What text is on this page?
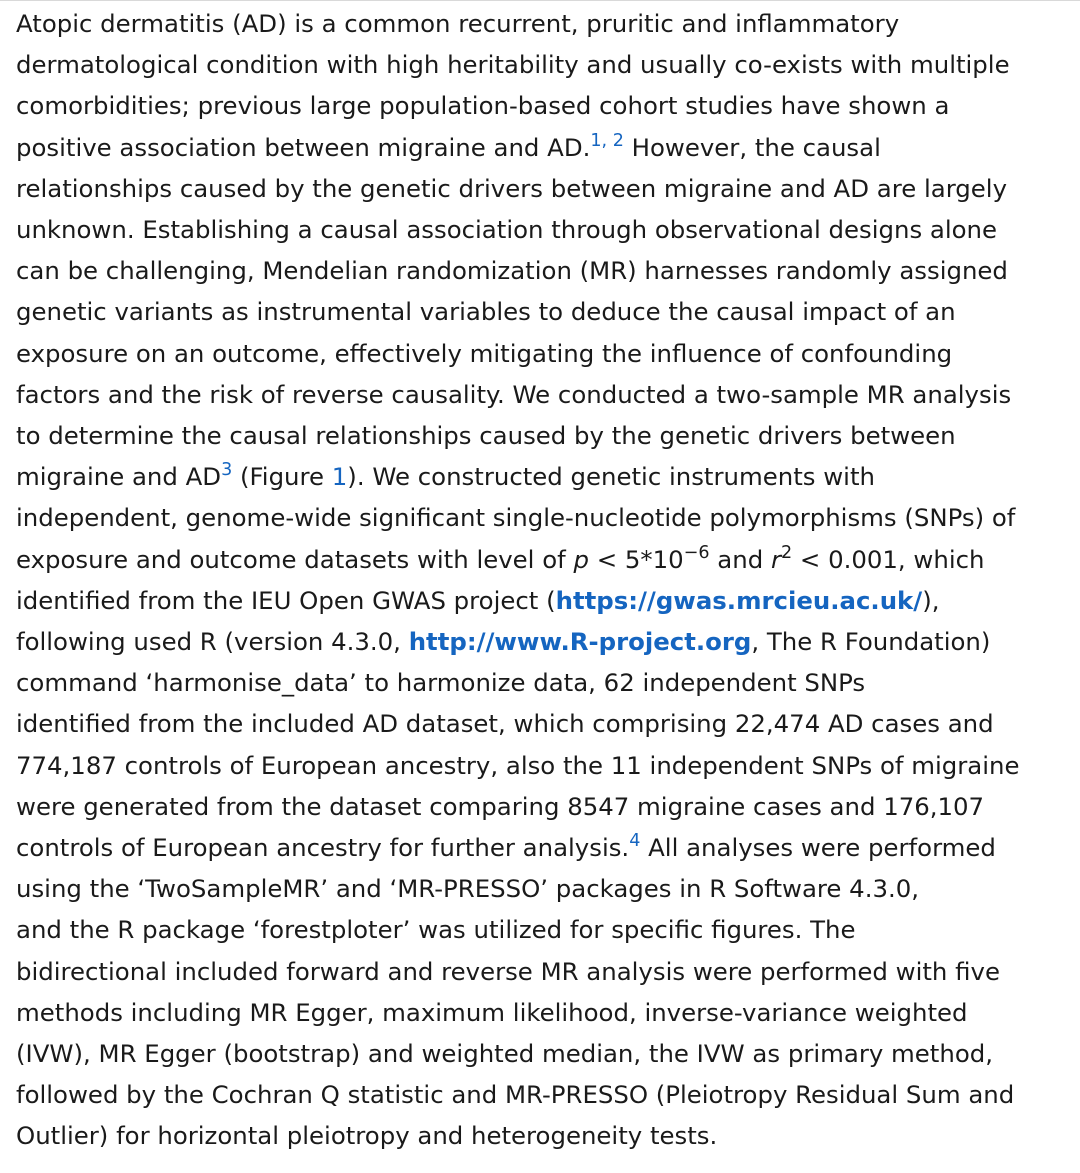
Atopic dermatitis (AD) is a common recurrent, pruritic and inflammatory
dermatological condition with high heritability and usually co-exists with multiple
comorbidities; previous large population-based cohort studies have shown a
positive association between migraine and AD.$^{1, 2}$ However, the causal
relationships caused by the genetic drivers between migraine and AD are largely
unknown. Establishing a causal association through observational designs alone
can be challenging, Mendelian randomization (MR) harnesses randomly assigned
genetic variants as instrumental variables to deduce the causal impact of an
exposure on an outcome, effectively mitigating the influence of confounding
factors and the risk of reverse causality. We conducted a two-sample MR analysis
to determine the causal relationships caused by the genetic drivers between
migraine and AD$^3$ (Figure 1). We constructed genetic instruments with
independent, genome-wide significant single-nucleotide polymorphisms (SNPs) of
exposure and outcome datasets with level of $p < 5*10^{-6}$ and $r^2 < 0.001$, which
identified from the IEU Open GWAS project (https://gwas.mrcieu.ac.uk/),
following used R (version 4.3.0, http://www.R-project.org, The R Foundation)
command ‘harmonise_data’ to harmonize data, 62 independent SNPs
identified from the included AD dataset, which comprising 22,474 AD cases and
774,187 controls of European ancestry, also the 11 independent SNPs of migraine
were generated from the dataset comparing 8547 migraine cases and 176,107
controls of European ancestry for further analysis.$^4$ All analyses were performed
using the ‘TwoSampleMR’ and ‘MR-PRESSO’ packages in R Software 4.3.0,
and the R package ‘forestploter’ was utilized for specific figures. The
bidirectional included forward and reverse MR analysis were performed with five
methods including MR Egger, maximum likelihood, inverse-variance weighted
(IVW), MR Egger (bootstrap) and weighted median, the IVW as primary method,
followed by the Cochran Q statistic and MR-PRESSO (Pleiotropy Residual Sum and
Outlier) for horizontal pleiotropy and heterogeneity tests.
